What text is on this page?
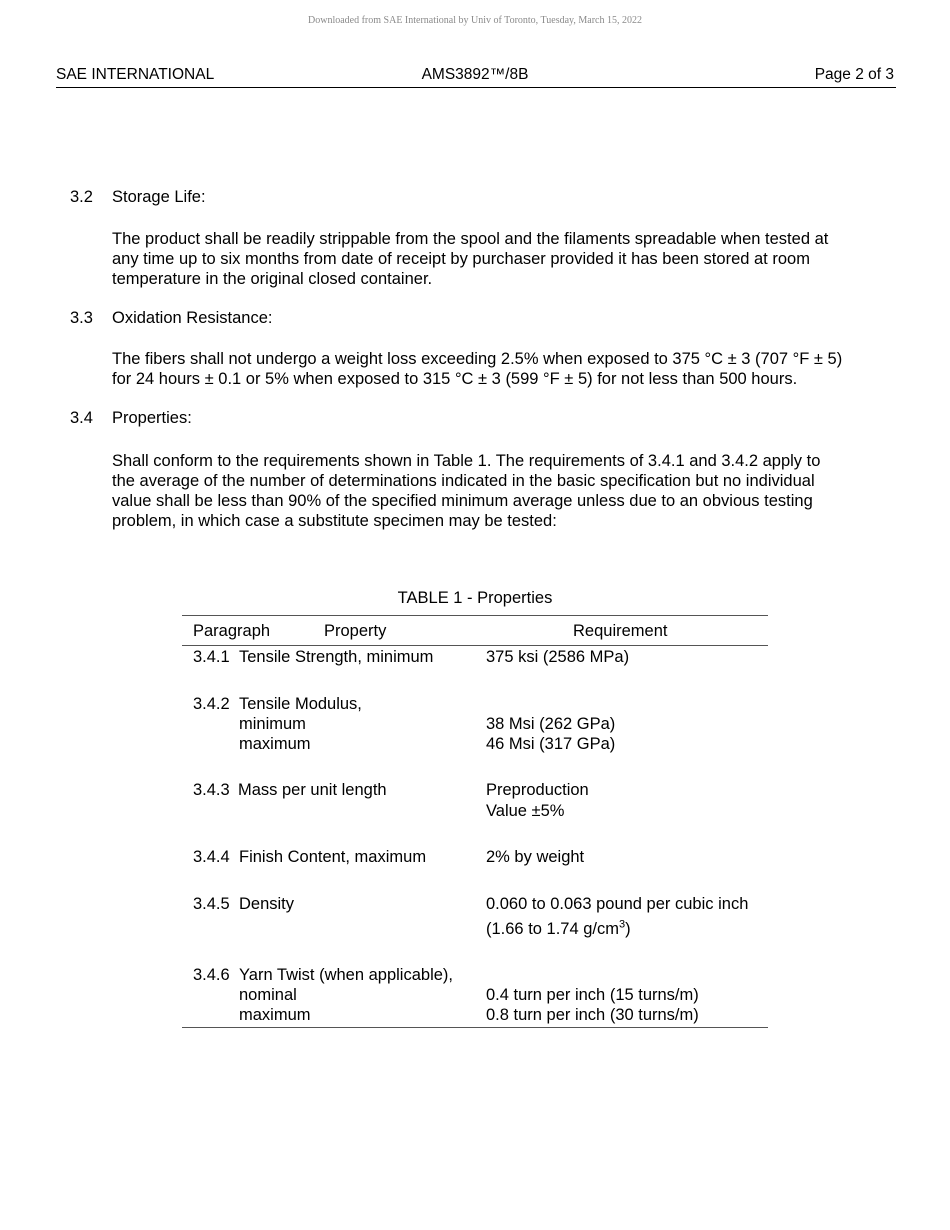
Downloaded from SAE International by Univ of Toronto, Tuesday, March 15, 2022
SAE INTERNATIONAL	AMS3892™/8B	Page 2 of 3
3.2 Storage Life:
The product shall be readily strippable from the spool and the filaments spreadable when tested at
any time up to six months from date of receipt by purchaser provided it has been stored at room
temperature in the original closed container.
3.3 Oxidation Resistance:
The fibers shall not undergo a weight loss exceeding 2.5% when exposed to 375 °C ± 3 (707 °F ± 5)
for 24 hours ± 0.1 or 5% when exposed to 315 °C ± 3 (599 °F ± 5) for not less than 500 hours.
3.4 Properties:
Shall conform to the requirements shown in Table 1. The requirements of 3.4.1 and 3.4.2 apply to
the average of the number of determinations indicated in the basic specification but no individual
value shall be less than 90% of the specified minimum average unless due to an obvious testing
problem, in which case a substitute specimen may be tested:
TABLE 1 - Properties
Paragraph	Property	Requirement
3.4.1 Tensile Strength, minimum	375 ksi (2586 MPa)
3.4.2 Tensile Modulus,
minimum	38 Msi (262 GPa)
maximum	46 Msi (317 GPa)
3.4.3 Mass per unit length	Preproduction
Value ±5%
3.4.4 Finish Content, maximum	2% by weight
3.4.5 Density	0.060 to 0.063 pound per cubic inch
(1.66 to 1.74 $g/cm^3$)
3.4.6 Yarn Twist (when applicable),
nominal	0.4 turn per inch (15 turns/m)
maximum	0.8 turn per inch (30 turns/m)
